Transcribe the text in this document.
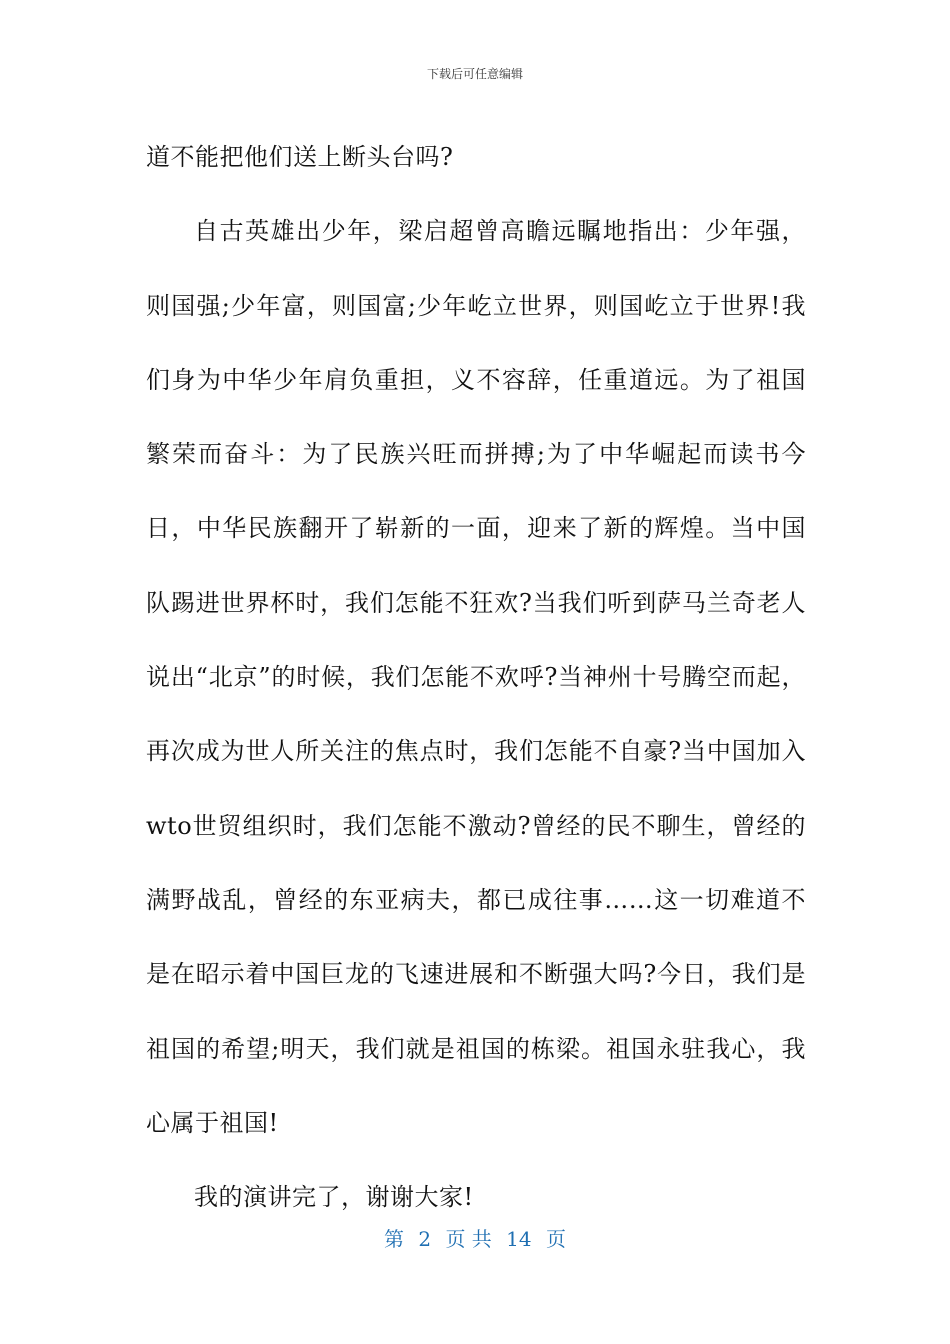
下载后可任意编辑

道不能把他们送上断头台吗?

自古英雄出少年，梁启超曾高瞻远瞩地指出：少年强，则国强;少年富，则国富;少年屹立世界，则国屹立于世界!我们身为中华少年肩负重担，义不容辞，任重道远。为了祖国繁荣而奋斗：为了民族兴旺而拼搏;为了中华崛起而读书今日，中华民族翻开了崭新的一面，迎来了新的辉煌。当中国队踢进世界杯时，我们怎能不狂欢?当我们听到萨马兰奇老人说出“北京”的时候，我们怎能不欢呼?当神州十号腾空而起，再次成为世人所关注的焦点时，我们怎能不自豪?当中国加入wto世贸组织时，我们怎能不激动?曾经的民不聊生，曾经的满野战乱，曾经的东亚病夫，都已成往事……这一切难道不是在昭示着中国巨龙的飞速进展和不断强大吗?今日，我们是祖国的希望;明天，我们就是祖国的栋梁。祖国永驻我心，我心属于祖国!

我的演讲完了，谢谢大家!

第 2 页 共 14 页
